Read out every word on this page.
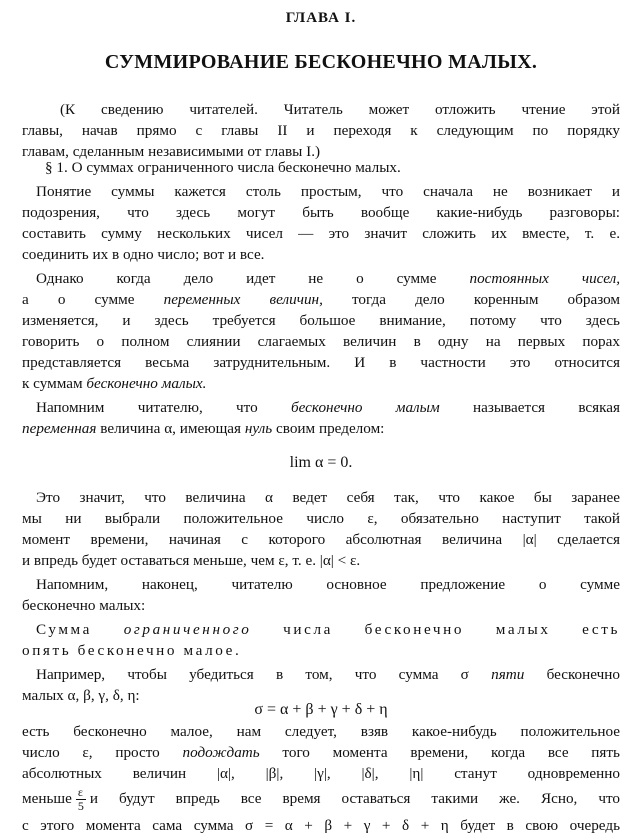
ГЛАВА I.
СУММИРОВАНИЕ БЕСКОНЕЧНО МАЛЫХ.
(К сведению читателей. Читатель может отложить чтение этой
главы, начав прямо с главы II и переходя к следующим по порядку
главам, сделанным независимыми от главы I.)
§ 1. О суммах ограниченного числа бесконечно малых.
Понятие суммы кажется столь простым, что сначала не возникает и
подозрения, что здесь могут быть вообще какие-нибудь разговоры:
составить сумму нескольких чисел — это значит сложить их вместе, т. е.
соединить их в одно число; вот и все.
Однако когда дело идет не о сумме постоянных чисел,
а о сумме переменных величин, тогда дело коренным образом
изменяется, и здесь требуется большое внимание, потому что здесь
говорить о полном слиянии слагаемых величин в одну на первых порах
представляется весьма затруднительным. И в частности это относится
к суммам бесконечно малых.
Напомним читателю, что бесконечно малым называется всякая
переменная величина α, имеющая нуль своим пределом:
lim α = 0.
Это значит, что величина α ведет себя так, что какое бы заранее
мы ни выбрали положительное число ε, обязательно наступит такой
момент времени, начиная с которого абсолютная величина |α| сделается
и впредь будет оставаться меньше, чем ε, т. е. |α| < ε.
Напомним, наконец, читателю основное предложение о сумме
бесконечно малых:
Сумма ограниченного числа бесконечно малых есть
опять бесконечно малое.
Например, чтобы убедиться в том, что сумма σ пяти бесконечно
малых α, β, γ, δ, η:
σ = α + β + γ + δ + η
есть бесконечно малое, нам следует, взяв какое-нибудь положительное
число ε, просто подождать того момента времени, когда все пять
абсолютных величин |α|, |β|, |γ|, |δ|, |η| станут одновременно
меньше $\frac{\varepsilon}{5}$ и будут впредь все время оставаться такими же. Ясно, что
с этого момента сама сумма σ = α + β + γ + δ + η будет в свою очередь
